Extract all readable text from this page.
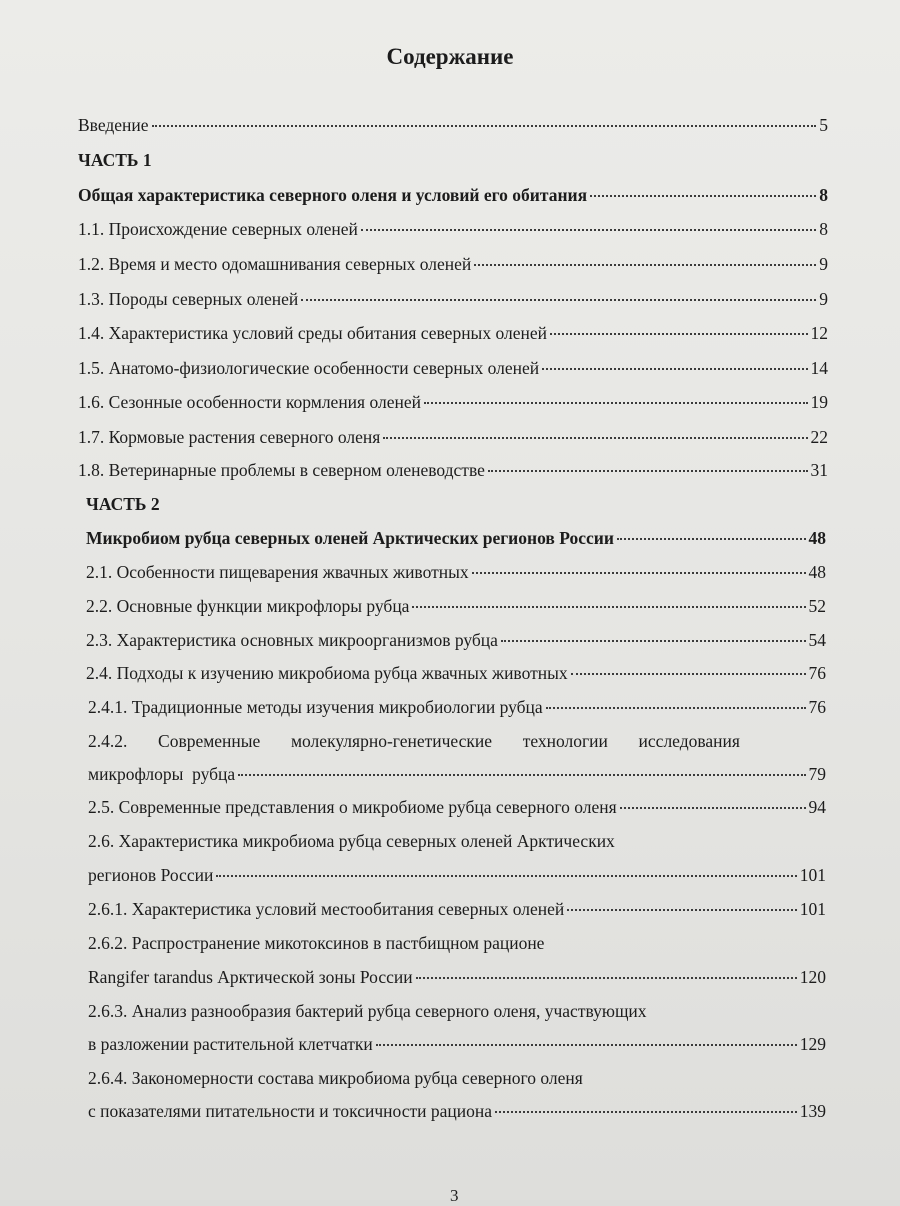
Содержание
Введение	5
ЧАСТЬ 1
Общая характеристика северного оленя и условий его обитания	8
1.1. Происхождение северных оленей	8
1.2. Время и место одомашнивания северных оленей	9
1.3. Породы северных оленей	9
1.4. Характеристика условий среды обитания северных оленей	12
1.5. Анатомо-физиологические особенности северных оленей	14
1.6. Сезонные особенности кормления оленей	19
1.7. Кормовые растения северного оленя	22
1.8. Ветеринарные проблемы в северном оленеводстве	31
ЧАСТЬ 2
Микробиом рубца северных оленей Арктических регионов России	48
2.1. Особенности пищеварения жвачных животных	48
2.2. Основные функции микрофлоры рубца	52
2.3. Характеристика основных микроорганизмов рубца	54
2.4. Подходы к изучению микробиома рубца жвачных животных	76
2.4.1. Традиционные методы изучения микробиологии рубца	76
2.4.2. Современные молекулярно-генетические технологии исследования
микрофлоры  рубца	79
2.5. Современные представления о микробиоме рубца северного оленя	94
2.6. Характеристика микробиома рубца северных оленей Арктических
регионов России	101
2.6.1. Характеристика условий местообитания северных оленей	101
2.6.2. Распространение микотоксинов в пастбищном рационе
Rangifer tarandus Арктической зоны России	120
2.6.3. Анализ разнообразия бактерий рубца северного оленя, участвующих
в разложении растительной клетчатки	129
2.6.4. Закономерности состава микробиома рубца северного оленя
с показателями питательности и токсичности рациона	139
3
